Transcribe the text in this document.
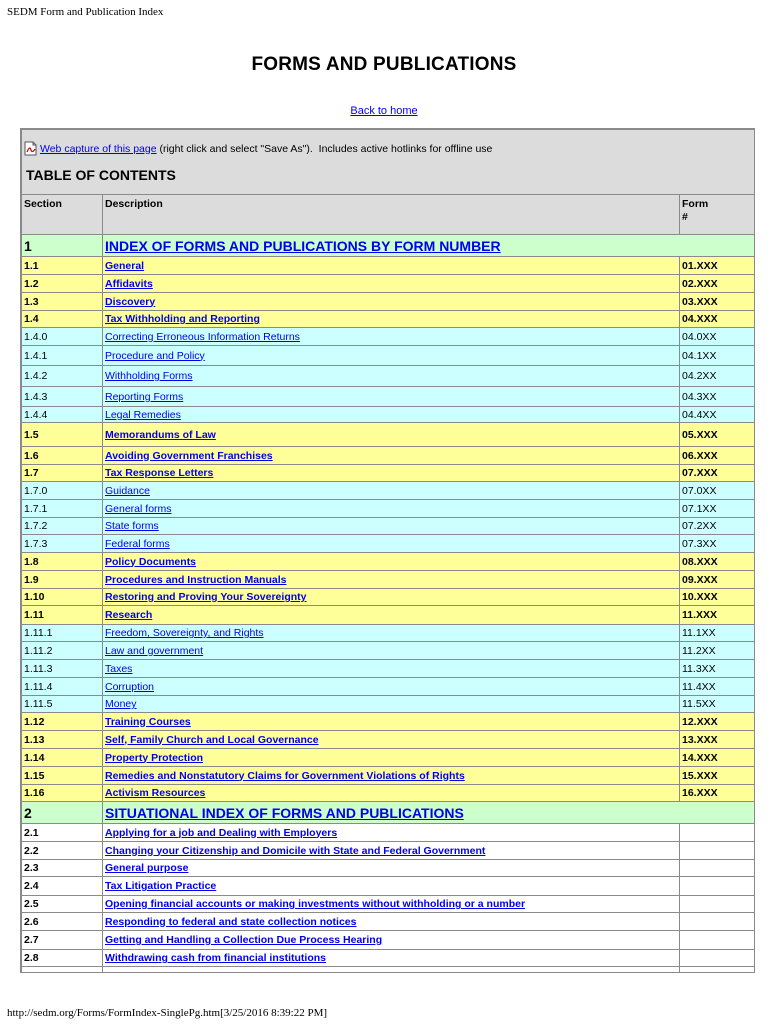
SEDM Form and Publication Index
FORMS AND PUBLICATIONS
Back to home
Web capture of this page (right click and select "Save As").  Includes active hotlinks for offline use
TABLE OF CONTENTS		

Section	Description	Form
#
1	INDEX OF FORMS AND PUBLICATIONS BY FORM NUMBER	
1.1	General	01.XXX
1.2	Affidavits	02.XXX
1.3	Discovery	03.XXX
1.4	Tax Withholding and Reporting	04.XXX
1.4.0	Correcting Erroneous Information Returns	04.0XX
1.4.1	Procedure and Policy	04.1XX
1.4.2	Withholding Forms	04.2XX
1.4.3	Reporting Forms	04.3XX
1.4.4	Legal Remedies	04.4XX
1.5	Memorandums of Law	05.XXX
1.6	Avoiding Government Franchises	06.XXX
1.7	Tax Response Letters	07.XXX
1.7.0	Guidance	07.0XX
1.7.1	General forms	07.1XX
1.7.2	State forms	07.2XX
1.7.3	Federal forms	07.3XX
1.8	Policy Documents	08.XXX
1.9	Procedures and Instruction Manuals	09.XXX
1.10	Restoring and Proving Your Sovereignty	10.XXX
1.11	Research	11.XXX
1.11.1	Freedom, Sovereignty, and Rights	11.1XX
1.11.2	Law and government	11.2XX
1.11.3	Taxes	11.3XX
1.11.4	Corruption	11.4XX
1.11.5	Money	11.5XX
1.12	Training Courses	12.XXX
1.13	Self, Family Church and Local Governance	13.XXX
1.14	Property Protection	14.XXX
1.15	Remedies and Nonstatutory Claims for Government Violations of Rights	15.XXX
1.16	Activism Resources	16.XXX
2	SITUATIONAL INDEX OF FORMS AND PUBLICATIONS	
2.1	Applying for a job and Dealing with Employers	
2.2	Changing your Citizenship and Domicile with State and Federal Government	
2.3	General purpose	
2.4	Tax Litigation Practice	
2.5	Opening financial accounts or making investments without withholding or a number	
2.6	Responding to federal and state collection notices	
2.7	Getting and Handling a Collection Due Process Hearing	
2.8	Withdrawing cash from financial institutions	

http://sedm.org/Forms/FormIndex-SinglePg.htm[3/25/2016 8:39:22 PM]
